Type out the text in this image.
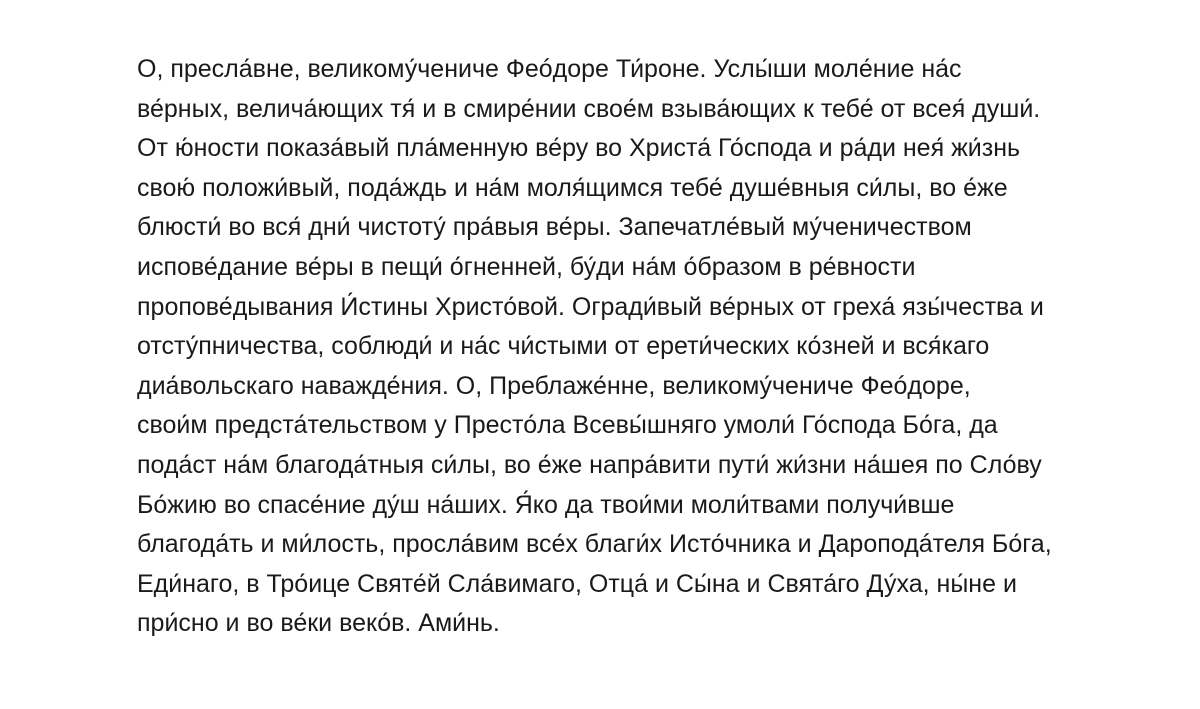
О, пресла́вне, великому́чениче Феóдоре Ти́роне. Услы́ши моле́ние на́с
ве́рных, велича́ющих тя́ и в смире́нии свое́м взыва́ющих к тебе́ от всея́ души́.
От ю́ности показа́вый пла́менную ве́ру во Христа́ Го́спода и ра́ди нея́ жи́знь
свою́ положи́вый, пода́ждь и на́м моля́щимся тебе́ душе́вныя си́лы, во е́же
блюсти́ во вся́ дни́ чистоту́ пра́выя ве́ры. Запечатле́вый му́ченичеством
испове́дание ве́ры в пещи́ о́гненней, бу́ди на́м о́бразом в ре́вности
пропове́дывания И́стины Христо́вой. Огради́вый ве́рных от греха́ язы́чества и
отсту́пничества, соблюди́ и на́с чи́стыми от ерети́ческих ко́зней и вся́каго
диа́вольскаго наважде́ния. О, Преблаже́нне, великому́чениче Феóдоре,
свои́м предста́тельством у Престо́ла Всевы́шняго умоли́ Го́спода Бо́га, да
пода́ст на́м благода́тныя си́лы, во е́же напра́вити пути́ жи́зни на́шея по Сло́ву
Бо́жию во спасе́ние ду́ш на́ших. Я́ко да твои́ми моли́твами получи́вше
благода́ть и ми́лость, просла́вим все́х благи́х Исто́чника и Дароподáтеля Бо́га,
Еди́наго, в Тро́ице Святе́й Сла́вимаго, Отца́ и Сы́на и Свята́го Ду́ха, ны́не и
при́сно и во ве́ки веко́в. Ами́нь.
